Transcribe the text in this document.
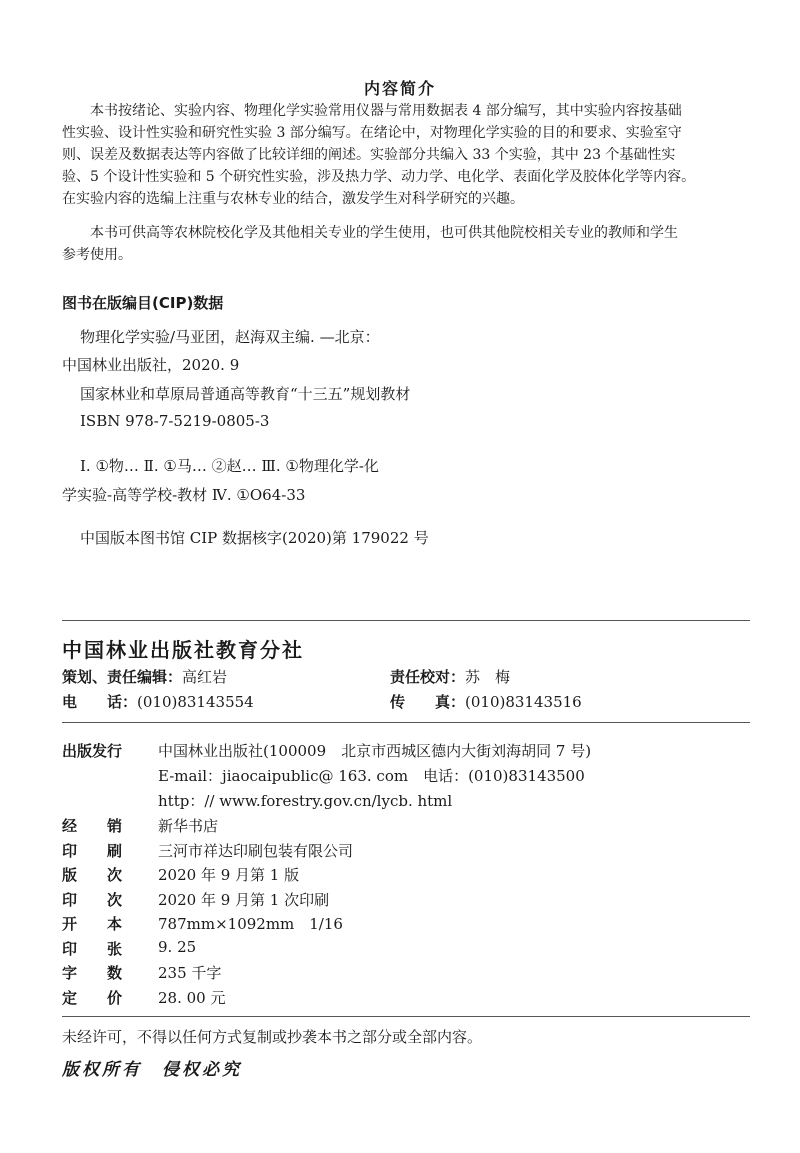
内容简介

本书按绪论、实验内容、物理化学实验常用仪器与常用数据表 4 部分编写，其中实验内容按基础
性实验、设计性实验和研究性实验 3 部分编写。在绪论中，对物理化学实验的目的和要求、实验室守
则、误差及数据表达等内容做了比较详细的阐述。实验部分共编入 33 个实验，其中 23 个基础性实
验、5 个设计性实验和 5 个研究性实验，涉及热力学、动力学、电化学、表面化学及胶体化学等内容。
在实验内容的选编上注重与农林专业的结合，激发学生对科学研究的兴趣。

本书可供高等农林院校化学及其他相关专业的学生使用，也可供其他院校相关专业的教师和学生
参考使用。

图书在版编目(CIP)数据
物理化学实验/马亚团，赵海双主编. —北京：
中国林业出版社，2020. 9
国家林业和草原局普通高等教育“十三五”规划教材
ISBN 978-7-5219-0805-3
Ⅰ. ①物… Ⅱ. ①马… ②赵… Ⅲ. ①物理化学-化
学实验-高等学校-教材 Ⅳ. ①O64-33
中国版本图书馆 CIP 数据核字(2020)第 179022 号
中国林业出版社教育分社
策划、责任编辑：高红岩	责任校对：苏　梅
电　　话：(010)83143554	传　　真：(010)83143516
出版发行 中国林业出版社(100009　北京市西城区德内大街刘海胡同 7 号)
E-mail：jiaocaipublic@ 163. com　电话：(010)83143500
http：// www.forestry.gov.cn/lycb. html
经 销 新华书店
印 刷 三河市祥达印刷包装有限公司
版 次 2020 年 9 月第 1 版
印 次 2020 年 9 月第 1 次印刷
开 本 787mm×1092mm　1/16
印 张 9. 25
字 数 235 千字
定 价 28. 00 元
未经许可，不得以任何方式复制或抄袭本书之部分或全部内容。
版权所有　侵权必究
